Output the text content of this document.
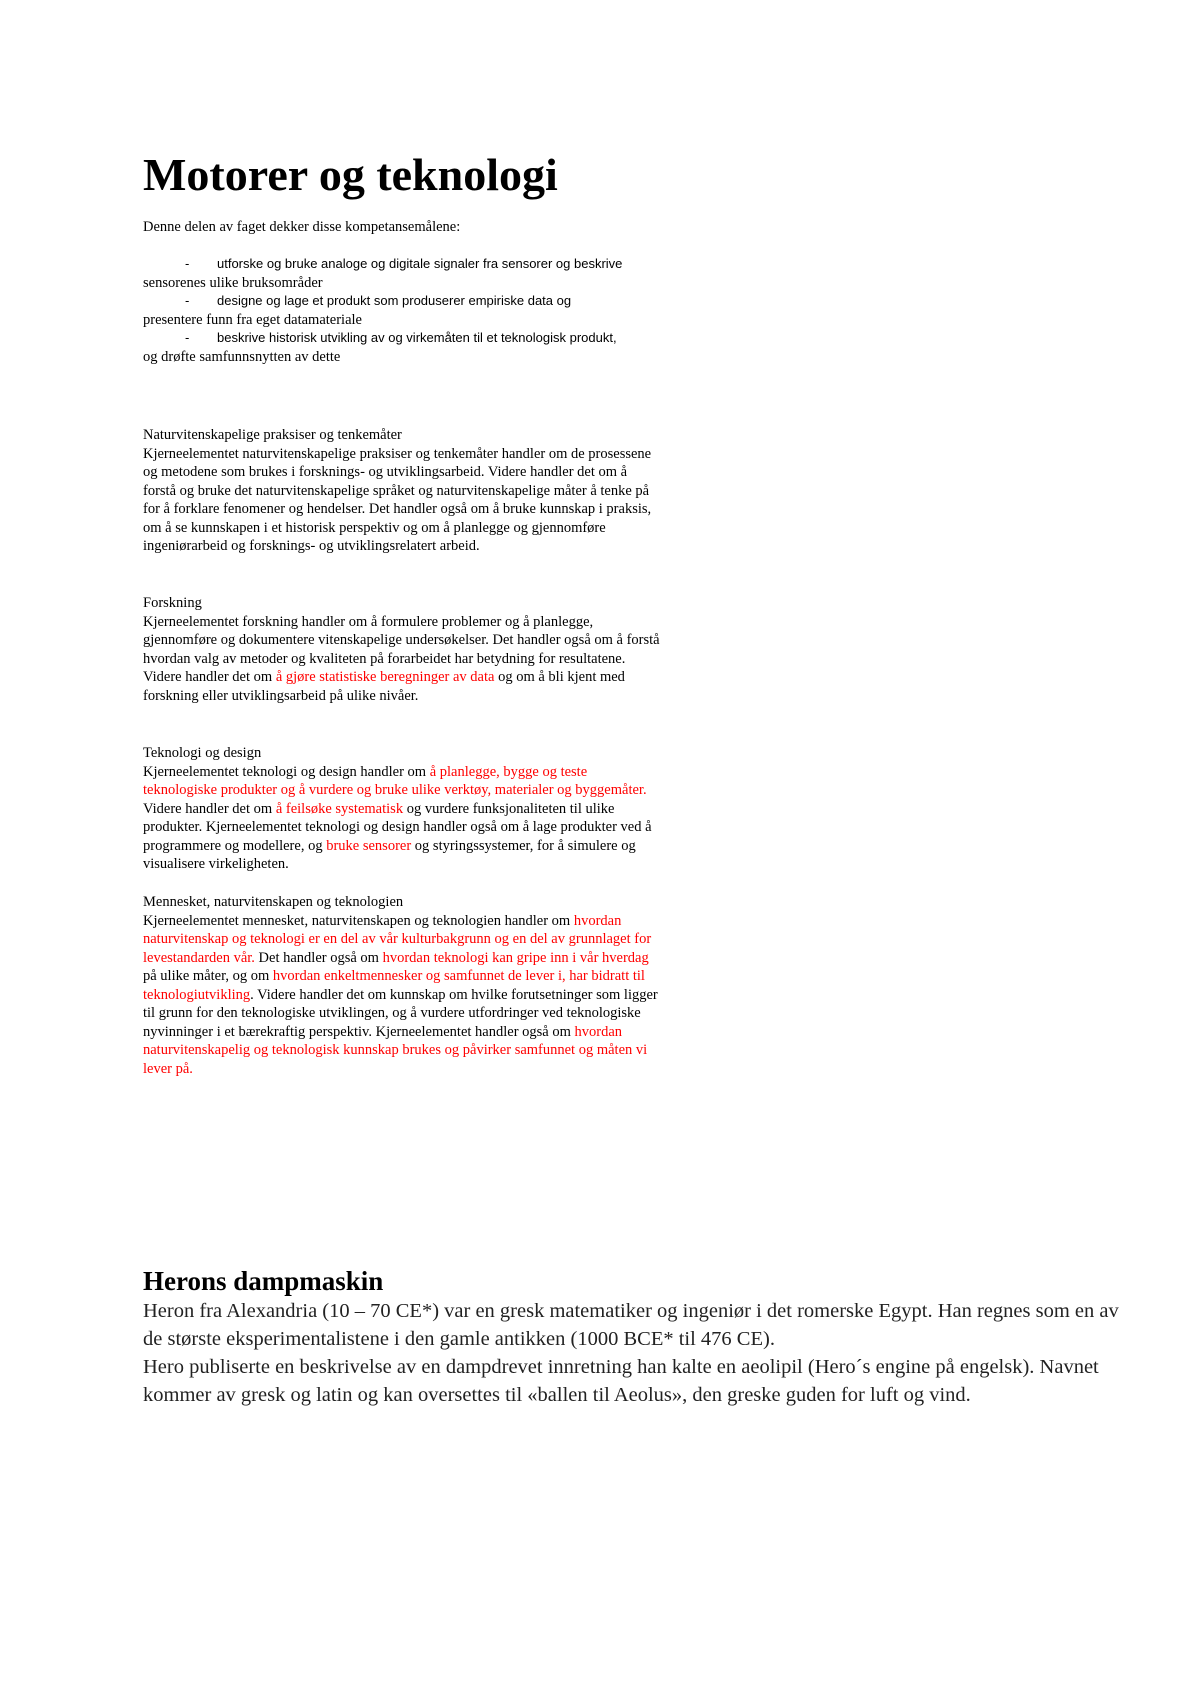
Motorer og teknologi
Denne delen av faget dekker disse kompetansemålene:
-	utforske og bruke analoge og digitale signaler fra sensorer og beskrive
sensorenes ulike bruksområder
-	designe og lage et produkt som produserer empiriske data og
presentere funn fra eget datamateriale
-	beskrive historisk utvikling av og virkemåten til et teknologisk produkt,
og drøfte samfunnsnytten av dette

Naturvitenskapelige praksiser og tenkemåter

Kjerneelementet naturvitenskapelige praksiser og tenkemåter handler om de prosessene og metodene som brukes i forsknings- og utviklingsarbeid. Videre handler det om å forstå og bruke det naturvitenskapelige språket og naturvitenskapelige måter å tenke på for å forklare fenomener og hendelser. Det handler også om å bruke kunnskap i praksis, om å se kunnskapen i et historisk perspektiv og om å planlegge og gjennomføre ingeniørarbeid og forsknings- og utviklingsrelatert arbeid.

Forskning

Kjerneelementet forskning handler om å formulere problemer og å planlegge, gjennomføre og dokumentere vitenskapelige undersøkelser. Det handler også om å forstå hvordan valg av metoder og kvaliteten på forarbeidet har betydning for resultatene. Videre handler det om å gjøre statistiske beregninger av data og om å bli kjent med forskning eller utviklingsarbeid på ulike nivåer.

Teknologi og design

Kjerneelementet teknologi og design handler om å planlegge, bygge og teste teknologiske produkter og å vurdere og bruke ulike verktøy, materialer og byggemåter. Videre handler det om å feilsøke systematisk og vurdere funksjonaliteten til ulike produkter. Kjerneelementet teknologi og design handler også om å lage produkter ved å programmere og modellere, og bruke sensorer og styringssystemer, for å simulere og visualisere virkeligheten.

Mennesket, naturvitenskapen og teknologien

Kjerneelementet mennesket, naturvitenskapen og teknologien handler om hvordan naturvitenskap og teknologi er en del av vår kulturbakgrunn og en del av grunnlaget for levestandarden vår. Det handler også om hvordan teknologi kan gripe inn i vår hverdag på ulike måter, og om hvordan enkeltmennesker og samfunnet de lever i, har bidratt til teknologiutvikling. Videre handler det om kunnskap om hvilke forutsetninger som ligger til grunn for den teknologiske utviklingen, og å vurdere utfordringer ved teknologiske nyvinninger i et bærekraftig perspektiv. Kjerneelementet handler også om hvordan naturvitenskapelig og teknologisk kunnskap brukes og påvirker samfunnet og måten vi lever på.

Herons dampmaskin

Heron fra Alexandria (10 – 70 CE*) var en gresk matematiker og ingeniør i det romerske Egypt. Han regnes som en av de største eksperimentalistene i den gamle antikken (1000 BCE* til 476 CE).

Hero publiserte en beskrivelse av en dampdrevet innretning han kalte en aeolipil (Hero´s engine på engelsk). Navnet kommer av gresk og latin og kan oversettes til «ballen til Aeolus», den greske guden for luft og vind.
